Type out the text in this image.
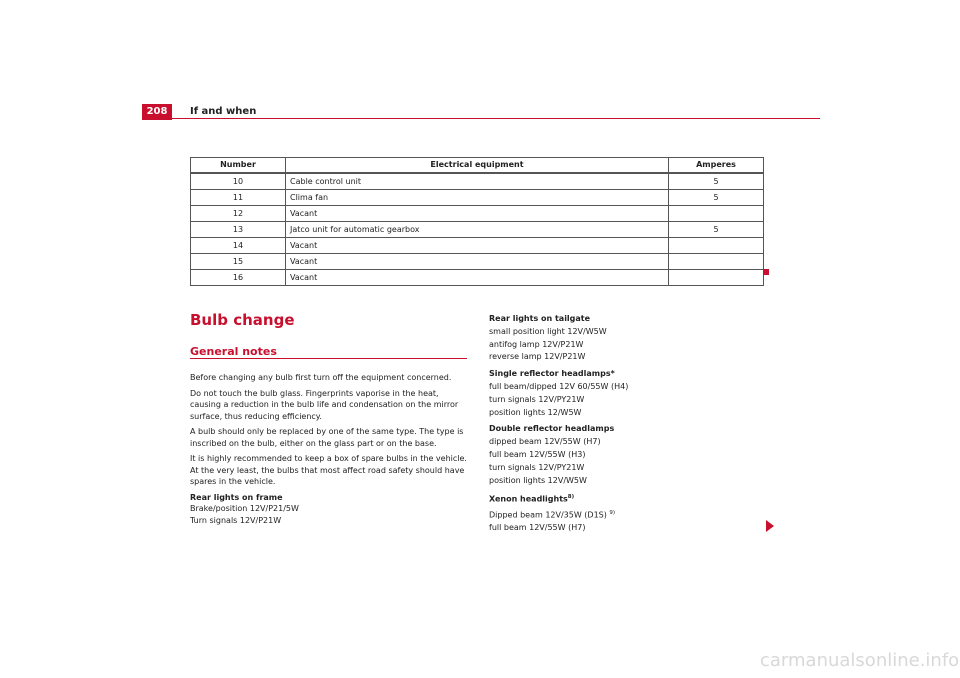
208	If and when
Number	Electrical equipment	Amperes
10	Cable control unit	5
11	Clima fan	5
12	Vacant	
13	Jatco unit for automatic gearbox	5
14	Vacant	
15	Vacant	
16	Vacant	
Bulb change
General notes

Before changing any bulb first turn off the equipment concerned.

Do not touch the bulb glass. Fingerprints vaporise in the heat, causing a reduction in the bulb life and condensation on the mirror surface, thus reducing efficiency.

A bulb should only be replaced by one of the same type. The type is inscribed on the bulb, either on the glass part or on the base.

It is highly recommended to keep a box of spare bulbs in the vehicle. At the very least, the bulbs that most affect road safety should have spares in the vehicle.

Rear lights on frame
Brake/position 12V/P21/5W
Turn signals 12V/P21W
Rear lights on tailgate
small position light 12V/W5W
antifog lamp 12V/P21W
reverse lamp 12V/P21W
Single reflector headlamps*
full beam/dipped 12V 60/55W (H4)
turn signals 12V/PY21W
position lights 12/W5W
Double reflector headlamps
dipped beam 12V/55W (H7)
full beam 12V/55W (H3)
turn signals 12V/PY21W
position lights 12V/W5W
Xenon headlights$^{8)}$
Dipped beam 12V/35W (D1S) $^{9)}$
full beam 12V/55W (H7)
carmanualsonline.info
